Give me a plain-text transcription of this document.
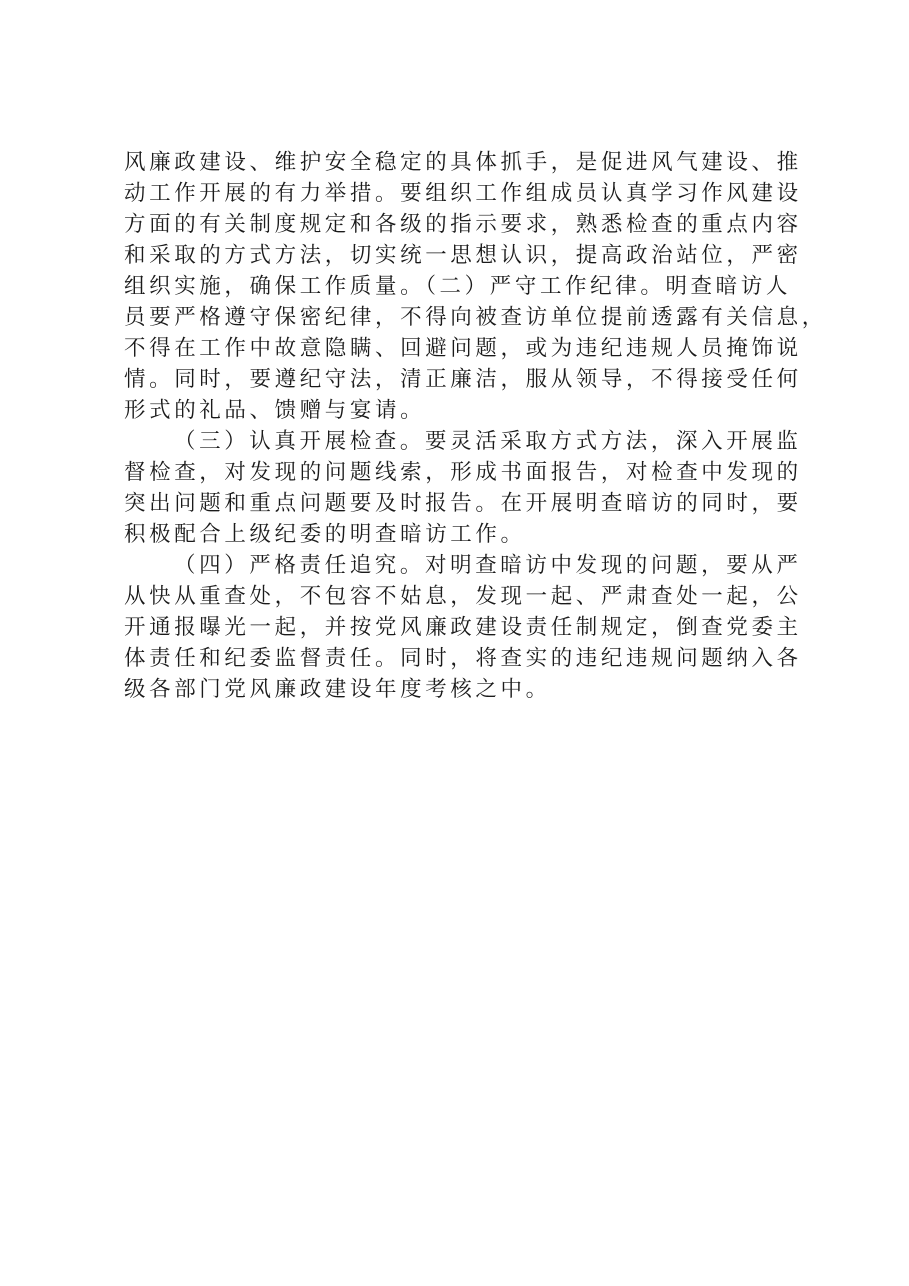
风廉政建设、维护安全稳定的具体抓手，是促进风气建设、推
动工作开展的有力举措。要组织工作组成员认真学习作风建设
方面的有关制度规定和各级的指示要求，熟悉检查的重点内容
和采取的方式方法，切实统一思想认识，提高政治站位，严密
组织实施，确保工作质量。（二）严守工作纪律。明查暗访人
员要严格遵守保密纪律，不得向被查访单位提前透露有关信息，
不得在工作中故意隐瞒、回避问题，或为违纪违规人员掩饰说
情。同时，要遵纪守法，清正廉洁，服从领导，不得接受任何
形式的礼品、馈赠与宴请。
（三）认真开展检查。要灵活采取方式方法，深入开展监
督检查，对发现的问题线索，形成书面报告，对检查中发现的
突出问题和重点问题要及时报告。在开展明查暗访的同时，要
积极配合上级纪委的明查暗访工作。
（四）严格责任追究。对明查暗访中发现的问题，要从严
从快从重查处，不包容不姑息，发现一起、严肃查处一起，公
开通报曝光一起，并按党风廉政建设责任制规定，倒查党委主
体责任和纪委监督责任。同时，将查实的违纪违规问题纳入各
级各部门党风廉政建设年度考核之中。
